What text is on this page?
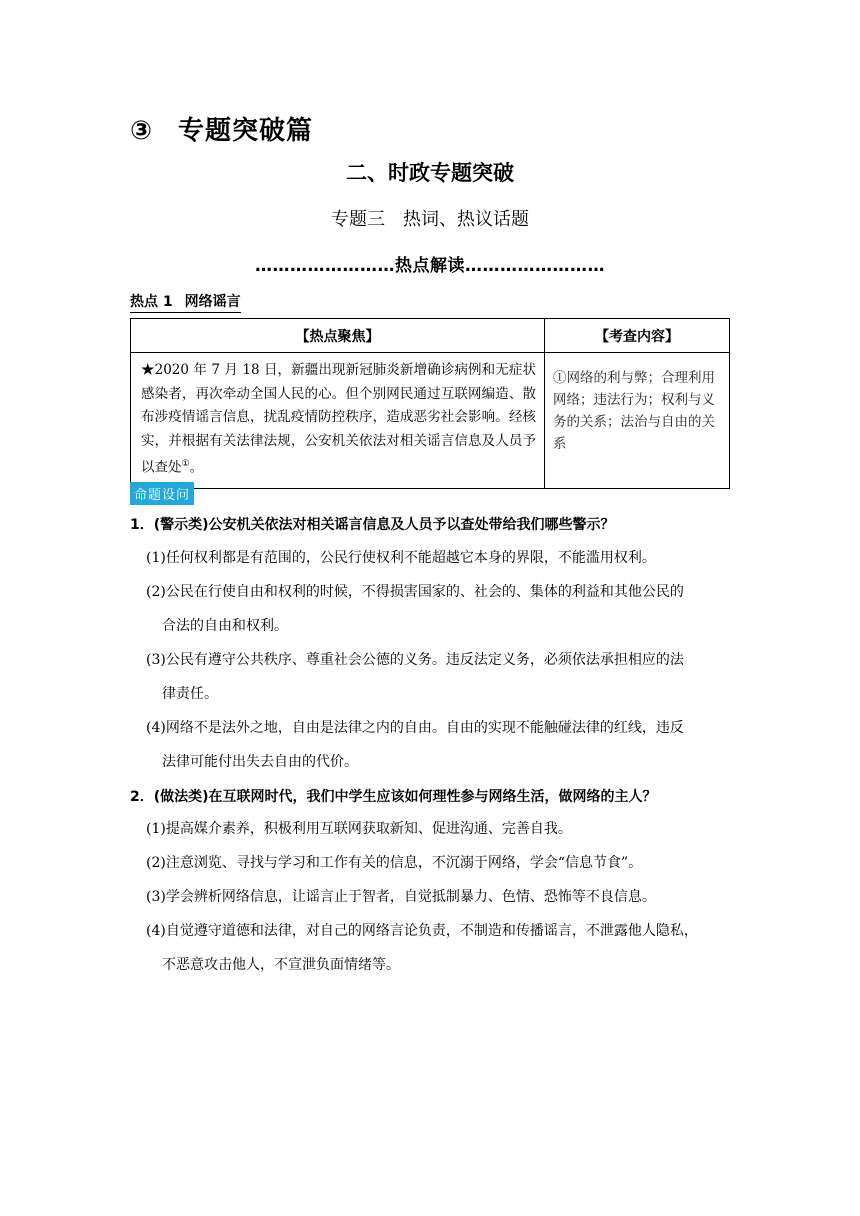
③ 专题突破篇
二、时政专题突破
专题三 热词、热议话题
……………………热点解读……………………
热点 1 网络谣言
【热点聚焦】	【考查内容】
★2020 年 7 月 18 日，新疆出现新冠肺炎新增确诊病例和无症状感染者，再次牵动全国人民的心。但个别网民通过互联网编造、散布涉疫情谣言信息，扰乱疫情防控秩序，造成恶劣社会影响。经核实，并根据有关法律法规，公安机关依法对相关谣言信息及人员予以查处①。	①网络的利与弊；合理利用网络；违法行为；权利与义务的关系；法治与自由的关系
命题设问
1．(警示类)公安机关依法对相关谣言信息及人员予以查处带给我们哪些警示？
(1)任何权利都是有范围的，公民行使权利不能超越它本身的界限，不能滥用权利。
(2)公民在行使自由和权利的时候，不得损害国家的、社会的、集体的利益和其他公民的

合法的自由和权利。
(3)公民有遵守公共秩序、尊重社会公德的义务。违反法定义务，必须依法承担相应的法

律责任。
(4)网络不是法外之地，自由是法律之内的自由。自由的实现不能触碰法律的红线，违反

法律可能付出失去自由的代价。
2．(做法类)在互联网时代，我们中学生应该如何理性参与网络生活，做网络的主人？
(1)提高媒介素养，积极利用互联网获取新知、促进沟通、完善自我。
(2)注意浏览、寻找与学习和工作有关的信息，不沉溺于网络，学会“信息节食”。
(3)学会辨析网络信息，让谣言止于智者，自觉抵制暴力、色情、恐怖等不良信息。
(4)自觉遵守道德和法律，对自己的网络言论负责，不制造和传播谣言，不泄露他人隐私，

不恶意攻击他人，不宣泄负面情绪等。
